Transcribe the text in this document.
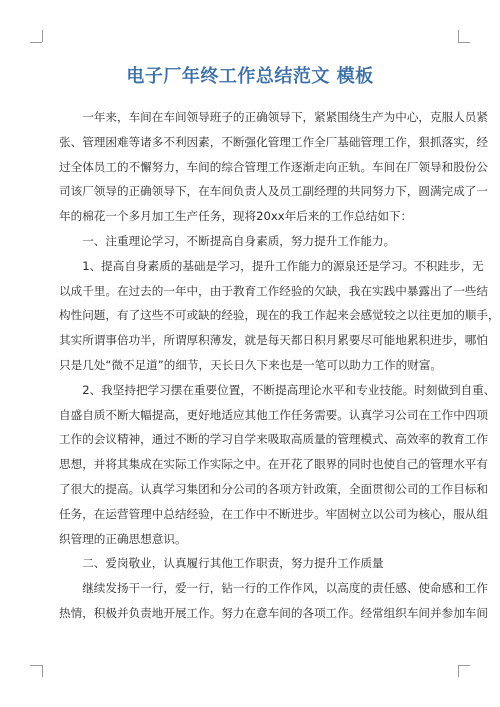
电子厂年终工作总结范文 模板
一年来，车间在车间领导班子的正确领导下，紧紧围绕生产为中心，克服人员紧
张、管理困难等诸多不利因素，不断强化管理工作全厂基础管理工作，狠抓落实，经
过全体员工的不懈努力，车间的综合管理工作逐渐走向正轨。车间在厂领导和股份公
司该厂领导的正确领导下，在车间负责人及员工副经理的共同努力下，圆满完成了一
年的棉花一个多月加工生产任务，现将20xx年后来的工作总结如下：
一、注重理论学习，不断提高自身素质，努力提升工作能力。
1、提高自身素质的基础是学习，提升工作能力的源泉还是学习。不积跬步，无
以成千里。在过去的一年中，由于教育工作经验的欠缺，我在实践中暴露出了一些结
构性问题，有了这些不可或缺的经验，现在的我工作起来会感觉较之以往更加的顺手，
其实所谓事倍功半，所谓厚积薄发，就是每天都日积月累要尽可能地累积进步，哪怕
只是几处“微不足道”的细节，天长日久下来也是一笔可以助力工作的财富。
2、我坚持把学习摆在重要位置，不断提高理论水平和专业技能。时刻做到自重、
自盛自质不断大幅提高，更好地适应其他工作任务需要。认真学习公司在工作中四项
工作的会议精神，通过不断的学习自学来吸取高质量的管理模式、高效率的教育工作
思想，并将其集成在实际工作实际之中。在开花了眼界的同时也使自己的管理水平有
了很大的提高。认真学习集团和分公司的各项方针政策，全面贯彻公司的工作目标和
任务，在运营管理中总结经验，在工作中不断进步。牢固树立以公司为核心，服从组
织管理的正确思想意识。
二、爱岗敬业，认真履行其他工作职责，努力提升工作质量
继续发扬干一行，爱一行，钻一行的工作作风，以高度的责任感、使命感和工作
热情，积极并负责地开展工作。努力在意车间的各项工作。经常组织车间并参加车间
